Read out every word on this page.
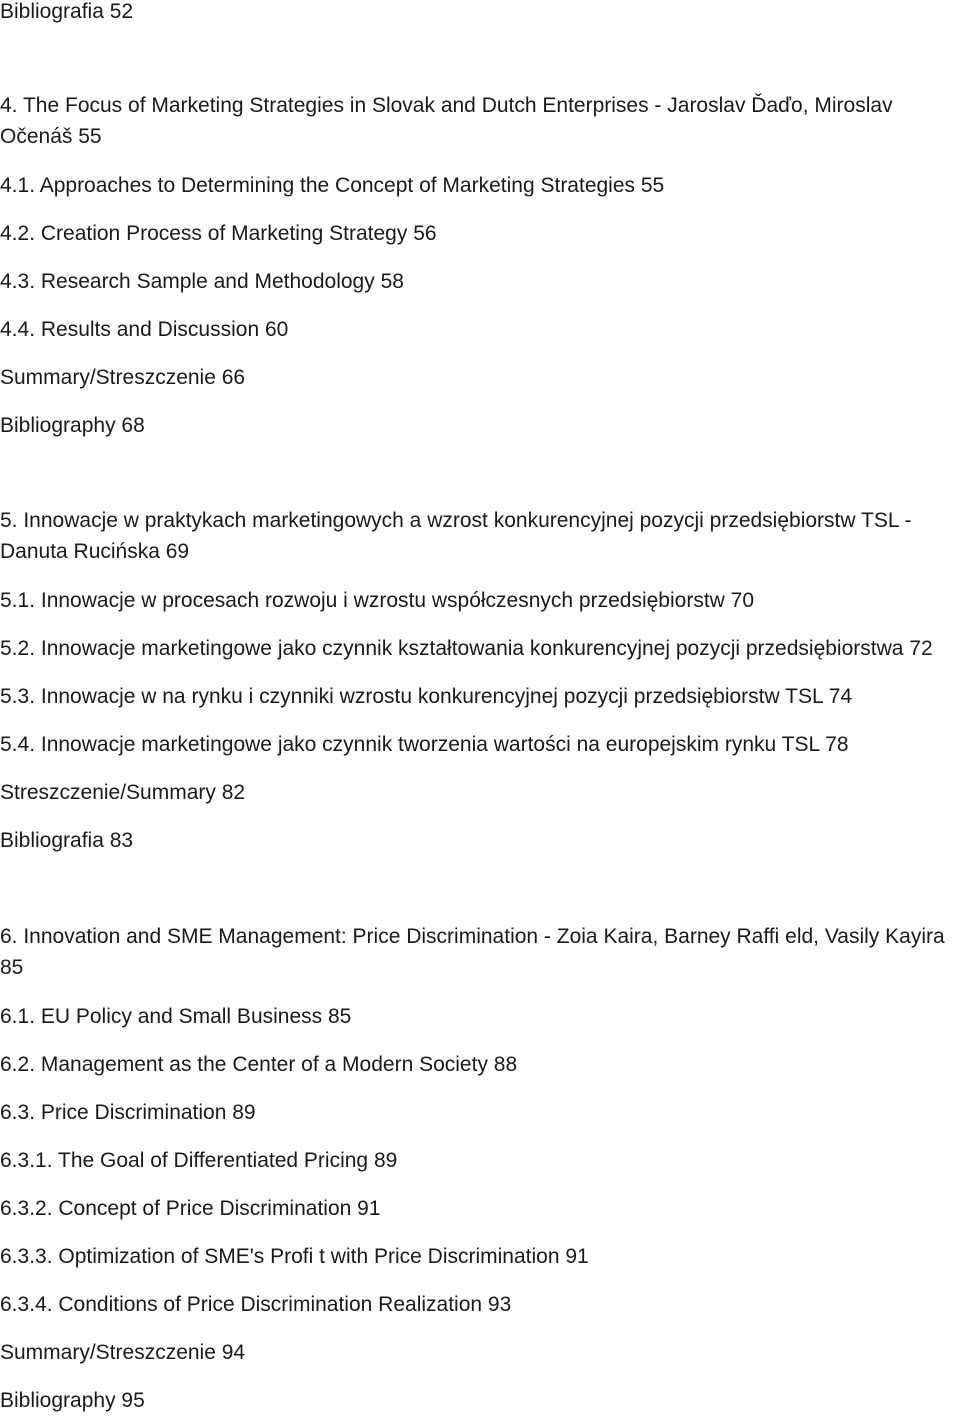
Bibliografia 52

4. The Focus of Marketing Strategies in Slovak and Dutch Enterprises - Jaroslav Ďaďo, Miroslav Očenáš 55

4.1. Approaches to Determining the Concept of Marketing Strategies 55

4.2. Creation Process of Marketing Strategy 56

4.3. Research Sample and Methodology 58

4.4. Results and Discussion 60

Summary/Streszczenie 66

Bibliography 68

5. Innowacje w praktykach marketingowych a wzrost konkurencyjnej pozycji przedsiębiorstw TSL - Danuta Rucińska 69

5.1. Innowacje w procesach rozwoju i wzrostu współczesnych przedsiębiorstw 70

5.2. Innowacje marketingowe jako czynnik kształtowania konkurencyjnej pozycji przedsiębiorstwa 72

5.3. Innowacje w na rynku i czynniki wzrostu konkurencyjnej pozycji przedsiębiorstw TSL 74

5.4. Innowacje marketingowe jako czynnik tworzenia wartości na europejskim rynku TSL 78

Streszczenie/Summary 82

Bibliografia 83

6. Innovation and SME Management: Price Discrimination - Zoia Kaira, Barney Raffi eld, Vasily Kayira 85

6.1. EU Policy and Small Business 85

6.2. Management as the Center of a Modern Society 88

6.3. Price Discrimination 89

6.3.1. The Goal of Differentiated Pricing 89

6.3.2. Concept of Price Discrimination 91

6.3.3. Optimization of SME's Profi t with Price Discrimination 91

6.3.4. Conditions of Price Discrimination Realization 93

Summary/Streszczenie 94

Bibliography 95
